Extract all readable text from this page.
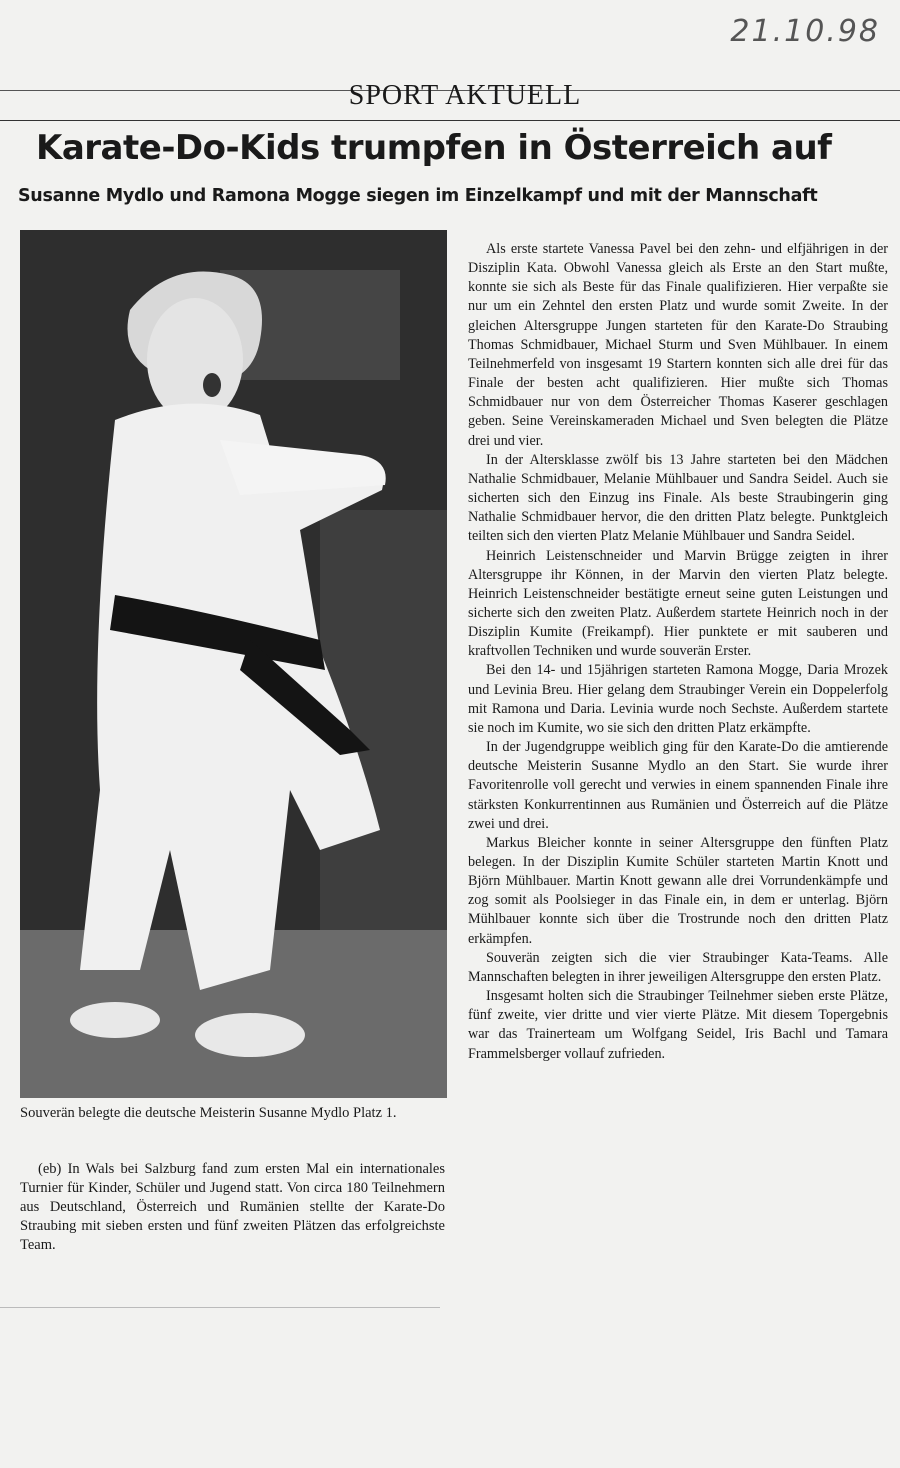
21.10.98
SPORT AKTUELL
Karate-Do-Kids trumpfen in Österreich auf
Susanne Mydlo und Ramona Mogge siegen im Einzelkampf und mit der Mannschaft
Souverän belegte die deutsche Meisterin Susanne Mydlo Platz 1.
(eb) In Wals bei Salzburg fand zum ersten Mal ein internationales Turnier für Kinder, Schüler und Jugend statt. Von circa 180 Teilnehmern aus Deutschland, Österreich und Rumänien stellte der Karate-Do Straubing mit sieben ersten und fünf zweiten Plätzen das erfolgreichste Team.

Als erste startete Vanessa Pavel bei den zehn- und elfjährigen in der Disziplin Kata. Obwohl Vanessa gleich als Erste an den Start mußte, konnte sie sich als Beste für das Finale qualifizieren. Hier verpaßte sie nur um ein Zehntel den ersten Platz und wurde somit Zweite. In der gleichen Altersgruppe Jungen starteten für den Karate-Do Straubing Thomas Schmidbauer, Michael Sturm und Sven Mühlbauer. In einem Teilnehmerfeld von insgesamt 19 Startern konnten sich alle drei für das Finale der besten acht qualifizieren. Hier mußte sich Thomas Schmidbauer nur von dem Österreicher Thomas Kaserer geschlagen geben. Seine Vereinskameraden Michael und Sven belegten die Plätze drei und vier.

In der Altersklasse zwölf bis 13 Jahre starteten bei den Mädchen Nathalie Schmidbauer, Melanie Mühlbauer und Sandra Seidel. Auch sie sicherten sich den Einzug ins Finale. Als beste Straubingerin ging Nathalie Schmidbauer hervor, die den dritten Platz belegte. Punktgleich teilten sich den vierten Platz Melanie Mühlbauer und Sandra Seidel.

Heinrich Leistenschneider und Marvin Brügge zeigten in ihrer Altersgruppe ihr Können, in der Marvin den vierten Platz belegte. Heinrich Leistenschneider bestätigte erneut seine guten Leistungen und sicherte sich den zweiten Platz. Außerdem startete Heinrich noch in der Disziplin Kumite (Freikampf). Hier punktete er mit sauberen und kraftvollen Techniken und wurde souverän Erster.

Bei den 14- und 15jährigen starteten Ramona Mogge, Daria Mrozek und Levinia Breu. Hier gelang dem Straubinger Verein ein Doppelerfolg mit Ramona und Daria. Levinia wurde noch Sechste. Außerdem startete sie noch im Kumite, wo sie sich den dritten Platz erkämpfte.

In der Jugendgruppe weiblich ging für den Karate-Do die amtierende deutsche Meisterin Susanne Mydlo an den Start. Sie wurde ihrer Favoritenrolle voll gerecht und verwies in einem spannenden Finale ihre stärksten Konkurrentinnen aus Rumänien und Österreich auf die Plätze zwei und drei.

Markus Bleicher konnte in seiner Altersgruppe den fünften Platz belegen. In der Disziplin Kumite Schüler starteten Martin Knott und Björn Mühlbauer. Martin Knott gewann alle drei Vorrundenkämpfe und zog somit als Poolsieger in das Finale ein, in dem er unterlag. Björn Mühlbauer konnte sich über die Trostrunde noch den dritten Platz erkämpfen.

Souverän zeigten sich die vier Straubinger Kata-Teams. Alle Mannschaften belegten in ihrer jeweiligen Altersgruppe den ersten Platz.

Insgesamt holten sich die Straubinger Teilnehmer sieben erste Plätze, fünf zweite, vier dritte und vier vierte Plätze. Mit diesem Topergebnis war das Trainerteam um Wolfgang Seidel, Iris Bachl und Tamara Frammelsberger vollauf zufrieden.
